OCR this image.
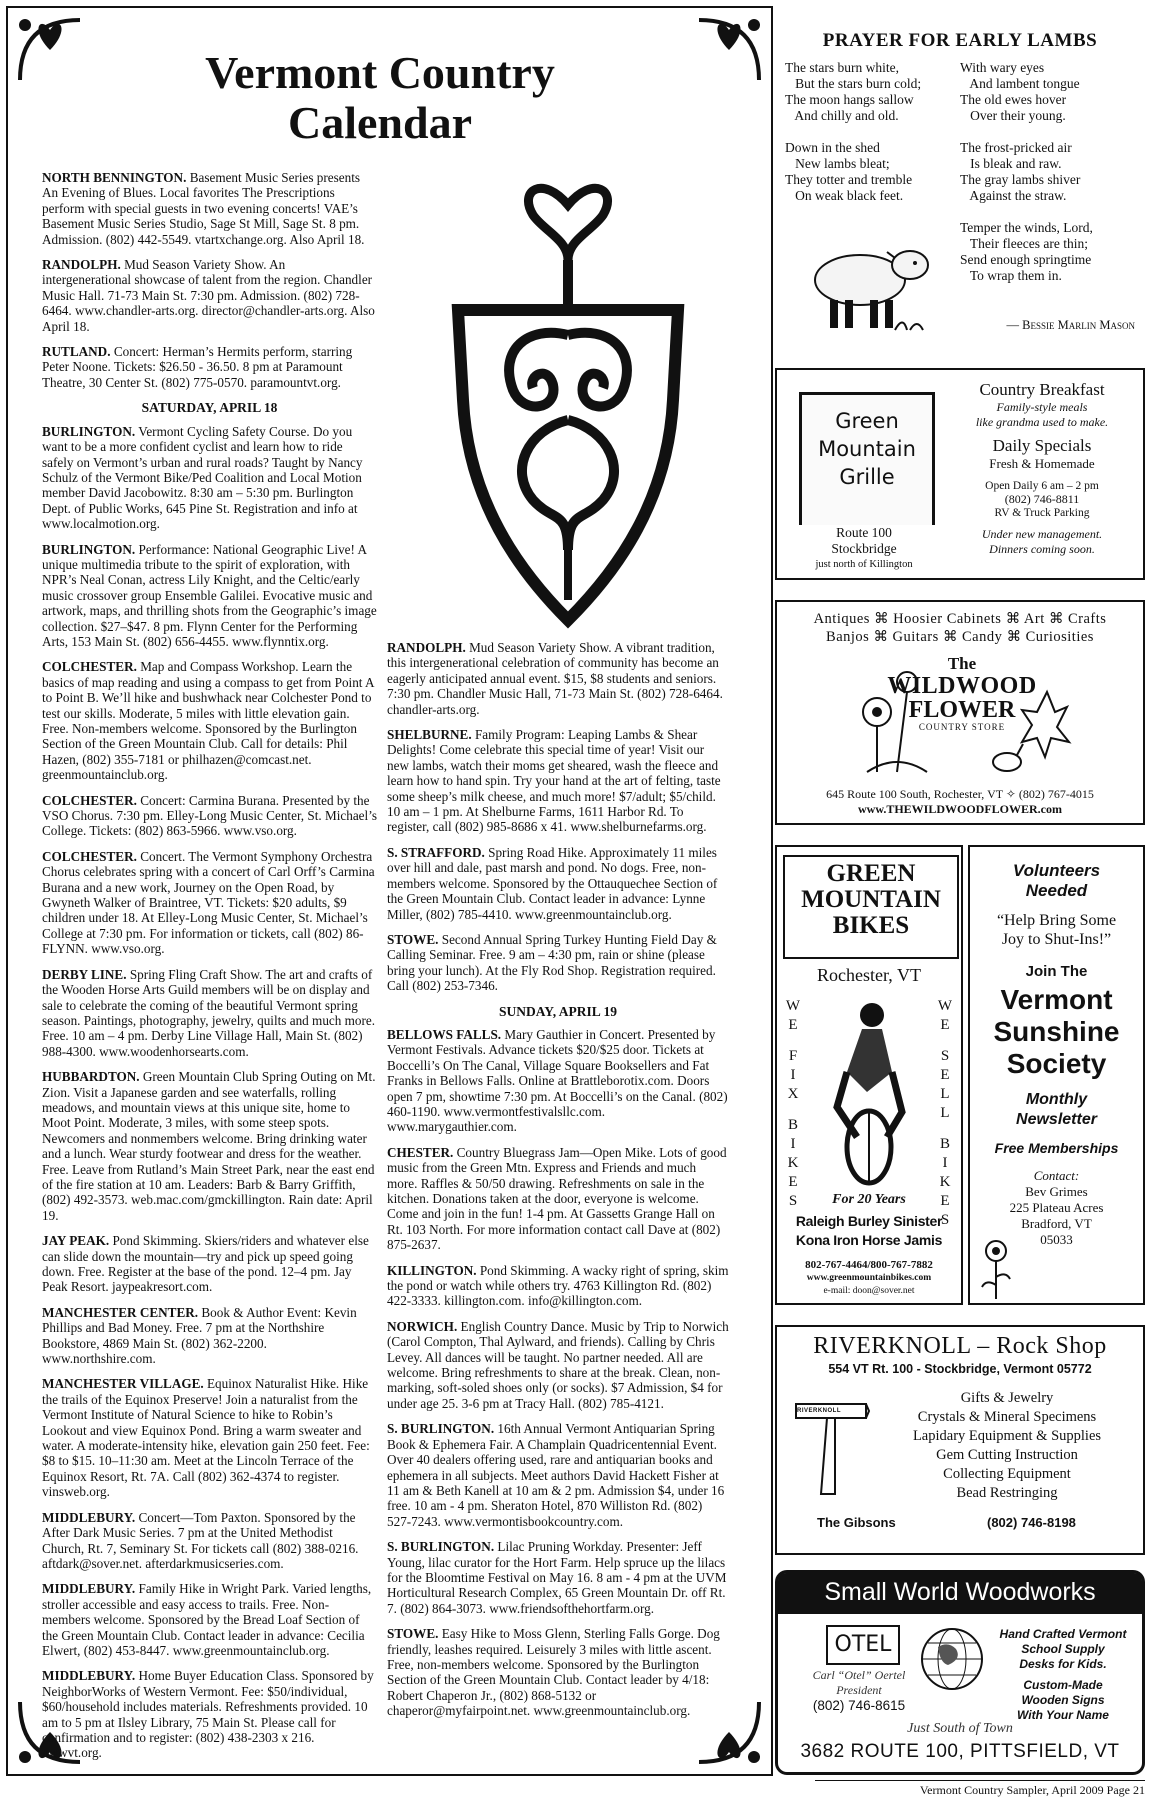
Vermont Country
Calendar

NORTH BENNINGTON. Basement Music Series presents An Evening of Blues. Local favorites The Prescriptions perform with special guests in two evening concerts! VAE’s Basement Music Series Studio, Sage St Mill, Sage St. 8 pm. Admission. (802) 442-5549. vtartxchange.org. Also April 18.

RANDOLPH. Mud Season Variety Show. An intergenerational showcase of talent from the region. Chandler Music Hall. 71-73 Main St. 7:30 pm. Admission. (802) 728-6464. www.chandler-arts.org. director@chandler-arts.org. Also April 18.

RUTLAND. Concert: Herman’s Hermits perform, starring Peter Noone. Tickets: $26.50 - 36.50. 8 pm at Paramount Theatre, 30 Center St. (802) 775-0570. paramountvt.org.

SATURDAY, APRIL 18

BURLINGTON. Vermont Cycling Safety Course. Do you want to be a more confident cyclist and learn how to ride safely on Vermont’s urban and rural roads? Taught by Nancy Schulz of the Vermont Bike/Ped Coalition and Local Motion member David Jacobowitz. 8:30 am – 5:30 pm. Burlington Dept. of Public Works, 645 Pine St. Registration and info at www.localmotion.org.

BURLINGTON. Performance: National Geographic Live! A unique multimedia tribute to the spirit of exploration, with NPR’s Neal Conan, actress Lily Knight, and the Celtic/early music crossover group Ensemble Galilei. Evocative music and artwork, maps, and thrilling shots from the Geographic’s image collection. $27–$47. 8 pm. Flynn Center for the Performing Arts, 153 Main St. (802) 656-4455. www.flynntix.org.

COLCHESTER. Map and Compass Workshop. Learn the basics of map reading and using a compass to get from Point A to Point B. We’ll hike and bushwhack near Colchester Pond to test our skills. Moderate, 5 miles with little elevation gain. Free. Non-members welcome. Sponsored by the Burlington Section of the Green Mountain Club. Call for details: Phil Hazen, (802) 355-7181 or philhazen@comcast.net. greenmountainclub.org.

COLCHESTER. Concert: Carmina Burana. Presented by the VSO Chorus. 7:30 pm. Elley-Long Music Center, St. Michael’s College. Tickets: (802) 863-5966. www.vso.org.

COLCHESTER. Concert. The Vermont Symphony Orchestra Chorus celebrates spring with a concert of Carl Orff’s Carmina Burana and a new work, Journey on the Open Road, by Gwyneth Walker of Braintree, VT. Tickets: $20 adults, $9 children under 18. At Elley-Long Music Center, St. Michael’s College at 7:30 pm. For information or tickets, call (802) 86-FLYNN. www.vso.org.

DERBY LINE. Spring Fling Craft Show. The art and crafts of the Wooden Horse Arts Guild members will be on display and sale to celebrate the coming of the beautiful Vermont spring season. Paintings, photography, jewelry, quilts and much more. Free. 10 am – 4 pm. Derby Line Village Hall, Main St. (802) 988-4300. www.woodenhorsearts.com.

HUBBARDTON. Green Mountain Club Spring Outing on Mt. Zion. Visit a Japanese garden and see waterfalls, rolling meadows, and mountain views at this unique site, home to Moot Point. Moderate, 3 miles, with some steep spots. Newcomers and nonmembers welcome. Bring drinking water and a lunch. Wear sturdy footwear and dress for the weather. Free. Leave from Rutland’s Main Street Park, near the east end of the fire station at 10 am. Leaders: Barb & Barry Griffith, (802) 492-3573. web.mac.com/gmckillington. Rain date: April 19.

JAY PEAK. Pond Skimming. Skiers/riders and whatever else can slide down the mountain—try and pick up speed going down. Free. Register at the base of the pond. 12–4 pm. Jay Peak Resort. jaypeakresort.com.

MANCHESTER CENTER. Book & Author Event: Kevin Phillips and Bad Money. Free. 7 pm at the Northshire Bookstore, 4869 Main St. (802) 362-2200. www.northshire.com.

MANCHESTER VILLAGE. Equinox Naturalist Hike. Hike the trails of the Equinox Preserve! Join a naturalist from the Vermont Institute of Natural Science to hike to Robin’s Lookout and view Equinox Pond. Bring a warm sweater and water. A moderate-intensity hike, elevation gain 250 feet. Fee: $8 to $15. 10–11:30 am. Meet at the Lincoln Terrace of the Equinox Resort, Rt. 7A. Call (802) 362-4374 to register. vinsweb.org.

MIDDLEBURY. Concert—Tom Paxton. Sponsored by the After Dark Music Series. 7 pm at the United Methodist Church, Rt. 7, Seminary St. For tickets call (802) 388-0216. aftdark@sover.net. afterdarkmusicseries.com.

MIDDLEBURY. Family Hike in Wright Park. Varied lengths, stroller accessible and easy access to trails. Free. Non-members welcome. Sponsored by the Bread Loaf Section of the Green Mountain Club. Contact leader in advance: Cecilia Elwert, (802) 453-8447. www.greenmountainclub.org.

MIDDLEBURY. Home Buyer Education Class. Sponsored by NeighborWorks of Western Vermont. Fee: $50/individual, $60/household includes materials. Refreshments provided. 10 am to 5 pm at Ilsley Library, 75 Main St. Please call for confirmation and to register: (802) 438-2303 x 216. nwwvt.org.

RANDOLPH. Mud Season Variety Show. A vibrant tradition, this intergenerational celebration of community has become an eagerly anticipated annual event. $15, $8 students and seniors. 7:30 pm. Chandler Music Hall, 71-73 Main St. (802) 728-6464. chandler-arts.org.

SHELBURNE. Family Program: Leaping Lambs & Shear Delights! Come celebrate this special time of year! Visit our new lambs, watch their moms get sheared, wash the fleece and learn how to hand spin. Try your hand at the art of felting, taste some sheep’s milk cheese, and much more! $7/adult; $5/child. 10 am – 1 pm. At Shelburne Farms, 1611 Harbor Rd. To register, call (802) 985-8686 x 41. www.shelburnefarms.org.

S. STRAFFORD. Spring Road Hike. Approximately 11 miles over hill and dale, past marsh and pond. No dogs. Free, non-members welcome. Sponsored by the Ottauquechee Section of the Green Mountain Club. Contact leader in advance: Lynne Miller, (802) 785-4410. www.greenmountainclub.org.

STOWE. Second Annual Spring Turkey Hunting Field Day & Calling Seminar. Free. 9 am – 4:30 pm, rain or shine (please bring your lunch). At the Fly Rod Shop. Registration required. Call (802) 253-7346.

SUNDAY, APRIL 19

BELLOWS FALLS. Mary Gauthier in Concert. Presented by Vermont Festivals. Advance tickets $20/$25 door. Tickets at Boccelli’s On The Canal, Village Square Booksellers and Fat Franks in Bellows Falls. Online at Brattleborotix.com. Doors open 7 pm, showtime 7:30 pm. At Boccelli’s on the Canal. (802) 460-1190. www.vermontfestivalsllc.com. www.marygauthier.com.

CHESTER. Country Bluegrass Jam—Open Mike. Lots of good music from the Green Mtn. Express and Friends and much more. Raffles & 50/50 drawing. Refreshments on sale in the kitchen. Donations taken at the door, everyone is welcome. Come and join in the fun! 1-4 pm. At Gassetts Grange Hall on Rt. 103 North. For more information contact call Dave at (802) 875-2637.

KILLINGTON. Pond Skimming. A wacky right of spring, skim the pond or watch while others try. 4763 Killington Rd. (802) 422-3333. killington.com. info@killington.com.

NORWICH. English Country Dance. Music by Trip to Norwich (Carol Compton, Thal Aylward, and friends). Calling by Chris Levey. All dances will be taught. No partner needed. All are welcome. Bring refreshments to share at the break. Clean, non-marking, soft-soled shoes only (or socks). $7 Admission, $4 for under age 25. 3-6 pm at Tracy Hall. (802) 785-4121.

S. BURLINGTON. 16th Annual Vermont Antiquarian Spring Book & Ephemera Fair. A Champlain Quadricentennial Event. Over 40 dealers offering used, rare and antiquarian books and ephemera in all subjects. Meet authors David Hackett Fisher at 11 am & Beth Kanell at 10 am & 2 pm. Admission $4, under 16 free. 10 am - 4 pm. Sheraton Hotel, 870 Williston Rd. (802) 527-7243. www.vermontisbookcountry.com.

S. BURLINGTON. Lilac Pruning Workday. Presenter: Jeff Young, lilac curator for the Hort Farm. Help spruce up the lilacs for the Bloomtime Festival on May 16. 8 am - 4 pm at the UVM Horticultural Research Complex, 65 Green Mountain Dr. off Rt. 7. (802) 864-3073. www.friendsofthehortfarm.org.

STOWE. Easy Hike to Moss Glenn, Sterling Falls Gorge. Dog friendly, leashes required. Leisurely 3 miles with little ascent. Free, non-members welcome. Sponsored by the Burlington Section of the Green Mountain Club. Contact leader by 4/18: Robert Chaperon Jr., (802) 868-5132 or chaperor@myfairpoint.net. www.greenmountainclub.org.

PRAYER FOR EARLY LAMBS
The stars burn white,
But the stars burn cold;
The moon hangs sallow
And chilly and old.
Down in the shed
New lambs bleat;
They totter and tremble
On weak black feet.
With wary eyes
And lambent tongue
The old ewes hover
Over their young.
The frost-pricked air
Is bleak and raw.
The gray lambs shiver
Against the straw.
Temper the winds, Lord,
Their fleeces are thin;
Send enough springtime
To wrap them in.
— Bessie Marlin Mason
Green
Mountain
Grille
Route 100
Stockbridge
just north of Killington
Country Breakfast
Family-style meals
like grandma used to make.
Daily Specials
Fresh & Homemade
Open Daily 6 am – 2 pm
(802) 746-8811
RV & Truck Parking
Under new management.
Dinners coming soon.
Antiques ⌘ Hoosier Cabinets ⌘ Art ⌘ Crafts
Banjos ⌘ Guitars ⌘ Candy ⌘ Curiosities
The
WILDWOOD
FLOWER
COUNTRY STORE
645 Route 100 South, Rochester, VT ✧ (802) 767-4015
www.THEWILDWOODFLOWER.com
GREEN
MOUNTAIN
BIKES
Rochester, VT
W
E

F
I
X

B
I
K
E
S
W
E

S
E
L
L

B
I
K
E
S
For 20 Years
Raleigh Burley Sinister
Kona Iron Horse Jamis
802-767-4464/800-767-7882
www.greenmountainbikes.com
e-mail: doon@sover.net
Volunteers
Needed
“Help Bring Some
Joy to Shut-Ins!”
Join The
Vermont
Sunshine
Society
Monthly
Newsletter
Free Memberships
Contact:
Bev Grimes
225 Plateau Acres
Bradford, VT
05033
RIVERKNOLL – Rock Shop
554 VT Rt. 100 - Stockbridge, Vermont 05772
RIVERKNOLL
Gifts & Jewelry
Crystals & Mineral Specimens
Lapidary Equipment & Supplies
Gem Cutting Instruction
Collecting Equipment
Bead Restringing
The Gibsons	(802) 746-8198
Small World Woodworks
OTEL
Carl “Otel” Oertel
President
(802) 746-8615
Hand Crafted Vermont
School Supply
Desks for Kids.
Custom-Made
Wooden Signs
With Your Name
Just South of Town
3682 ROUTE 100, PITTSFIELD, VT
Vermont Country Sampler, April 2009 Page 21
